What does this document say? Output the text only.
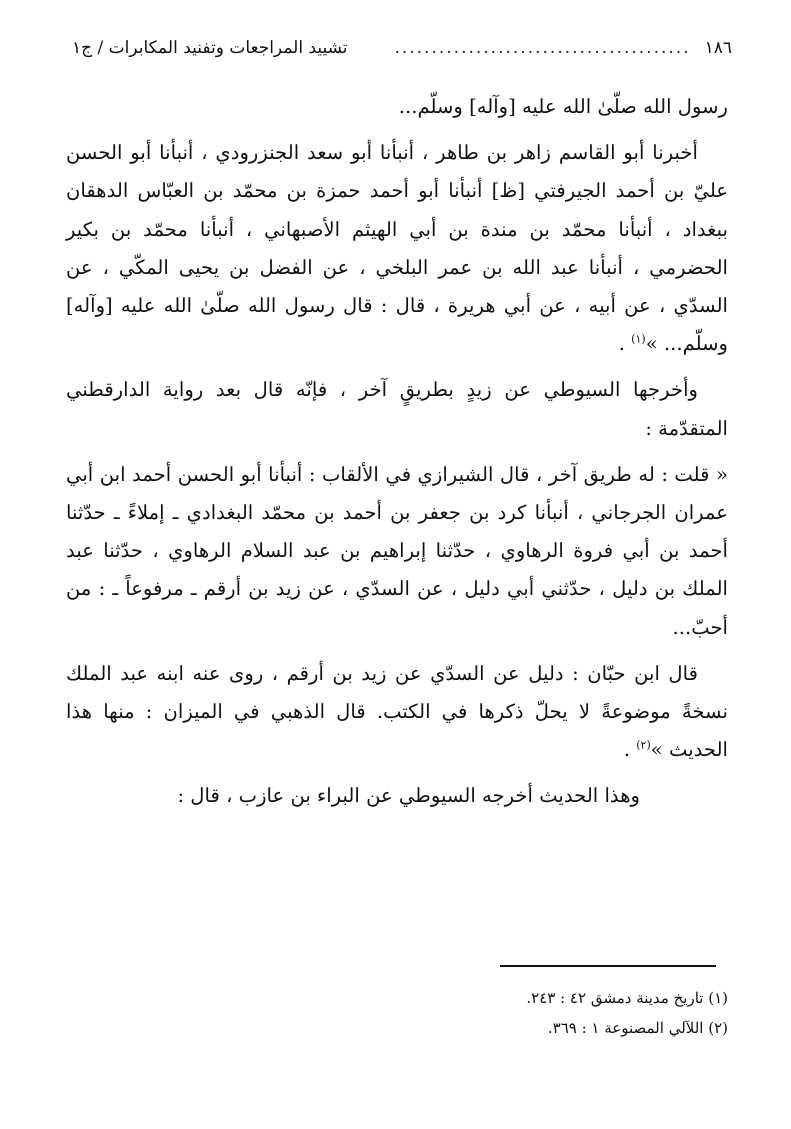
١٨٦
........................................
تشييد المراجعات وتفنيد المكابرات / ج١

رسول الله صلّىٰ الله عليه [وآله] وسلّم...

أخبرنا أبو القاسم زاهر بن طاهر ، أنبأنا أبو سعد الجنزرودي ، أنبأنا أبو الحسن عليّ بن أحمد الجيرفتي [ظ] أنبأنا أبو أحمد حمزة بن محمّد بن العبّاس الدهقان ببغداد ، أنبأنا محمّد بن مندة بن أبي الهيثم الأصبهاني ، أنبأنا محمّد بن بكير الحضرمي ، أنبأنا عبد الله بن عمر البلخي ، عن الفضل بن يحيى المكّي ، عن السدّي ، عن أبيه ، عن أبي هريرة ، قال : قال رسول الله صلّىٰ الله عليه [وآله] وسلّم... »$^{(١)}$ .

وأخرجها السيوطي عن زيدٍ بطريقٍ آخر ، فإنّه قال بعد رواية الدارقطني المتقدّمة :

« قلت : له طريق آخر ، قال الشيرازي في الألقاب : أنبأنا أبو الحسن أحمد ابن أبي عمران الجرجاني ، أنبأنا كرد بن جعفر بن أحمد بن محمّد البغدادي ـ إملاءً ـ حدّثنا أحمد بن أبي فروة الرهاوي ، حدّثنا إبراهيم بن عبد السلام الرهاوي ، حدّثنا عبد الملك بن دليل ، حدّثني أبي دليل ، عن السدّي ، عن زيد بن أرقم ـ مرفوعاً ـ : من أحبّ...

قال ابن حبّان : دليل عن السدّي عن زيد بن أرقم ، روى عنه ابنه عبد الملك نسخةً موضوعةً لا يحلّ ذكرها في الكتب. قال الذهبي في الميزان : منها هذا الحديث »$^{(٢)}$ .

وهذا الحديث أخرجه السيوطي عن البراء بن عازب ، قال :

(١) تاريخ مدينة دمشق ٤٢ : ٢٤٣.
(٢) اللآلي المصنوعة ١ : ٣٦٩.
